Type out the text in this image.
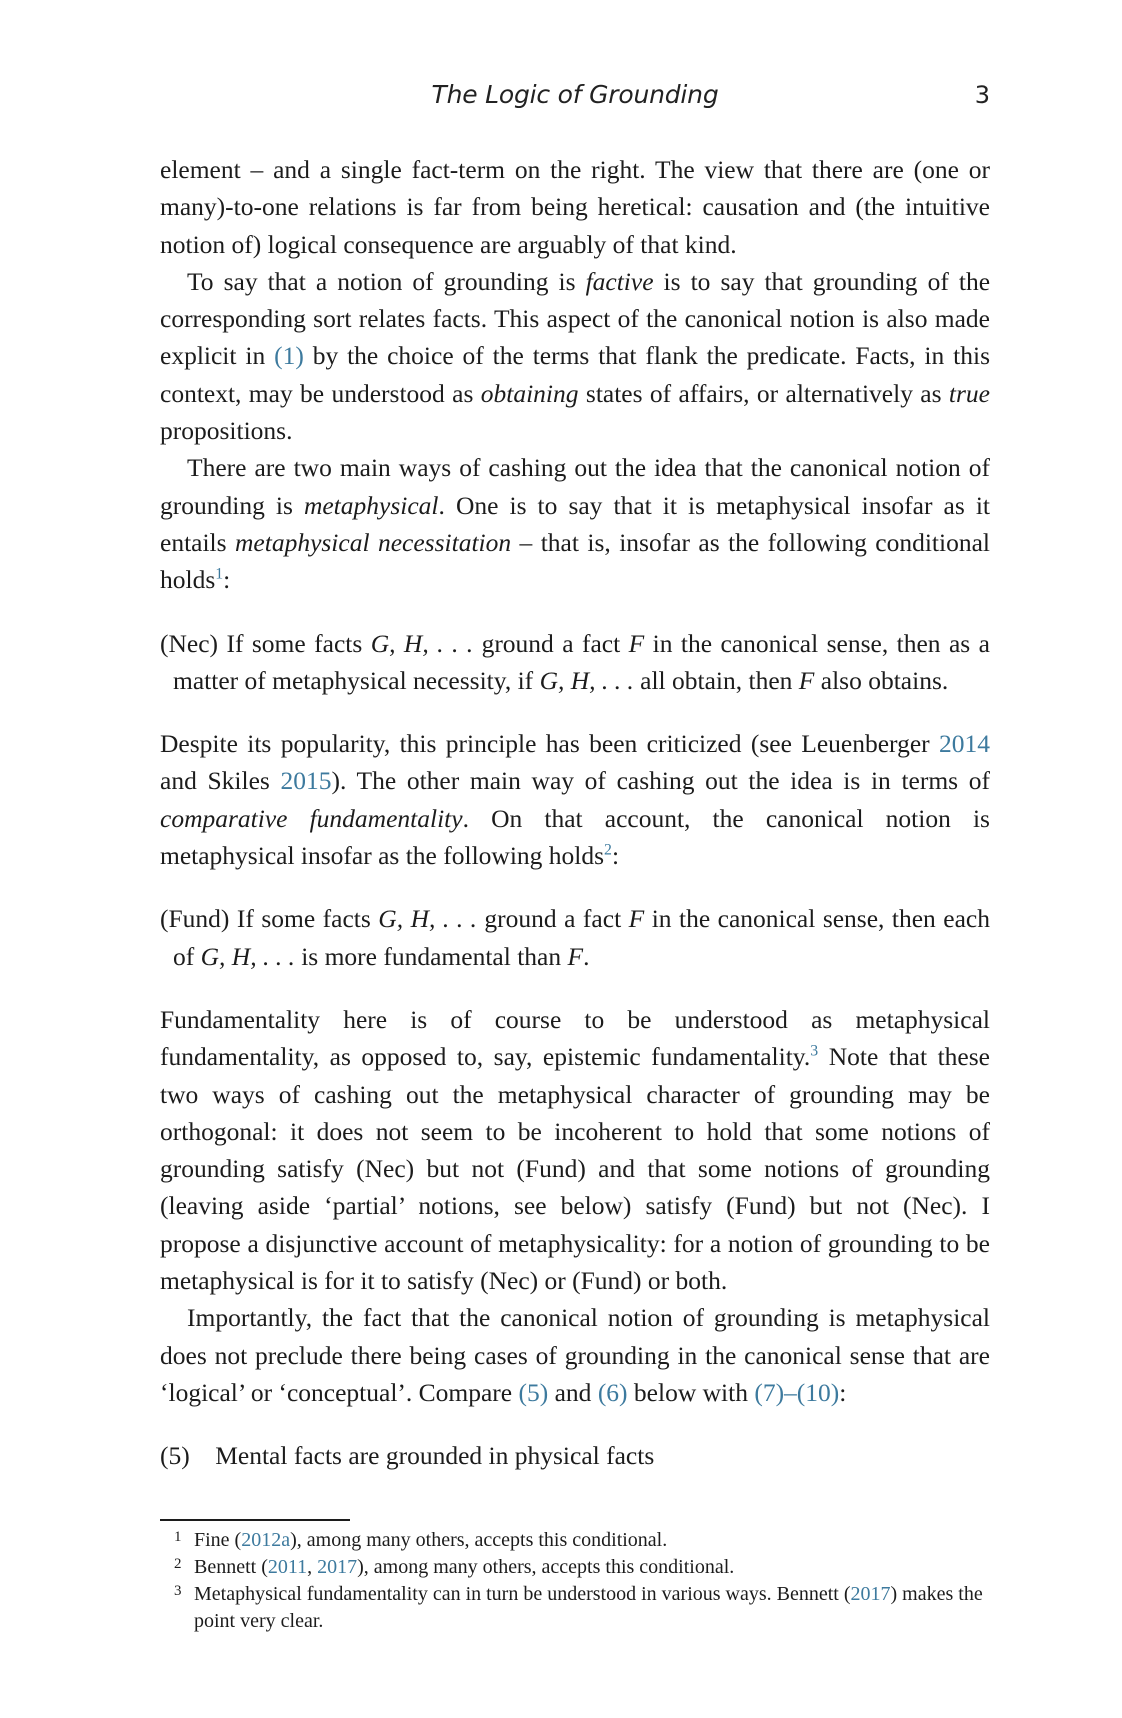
The Logic of Grounding	3

element – and a single fact-term on the right. The view that there are (one or many)-to-one relations is far from being heretical: causation and (the intuitive notion of) logical consequence are arguably of that kind.

To say that a notion of grounding is factive is to say that grounding of the corresponding sort relates facts. This aspect of the canonical notion is also made explicit in (1) by the choice of the terms that flank the predicate. Facts, in this context, may be understood as obtaining states of affairs, or alternatively as true propositions.

There are two main ways of cashing out the idea that the canonical notion of grounding is metaphysical. One is to say that it is metaphysical insofar as it entails metaphysical necessitation – that is, insofar as the following conditional holds$^1$:

(Nec) If some facts G, H, . . . ground a fact F in the canonical sense, then as a matter of metaphysical necessity, if G, H, . . . all obtain, then F also obtains.

Despite its popularity, this principle has been criticized (see Leuenberger 2014 and Skiles 2015). The other main way of cashing out the idea is in terms of comparative fundamentality. On that account, the canonical notion is metaphysical insofar as the following holds$^2$:

(Fund) If some facts G, H, . . . ground a fact F in the canonical sense, then each of G, H, . . . is more fundamental than F.

Fundamentality here is of course to be understood as metaphysical fundamentality, as opposed to, say, epistemic fundamentality.$^3$ Note that these two ways of cashing out the metaphysical character of grounding may be orthogonal: it does not seem to be incoherent to hold that some notions of grounding satisfy (Nec) but not (Fund) and that some notions of grounding (leaving aside ‘partial’ notions, see below) satisfy (Fund) but not (Nec). I propose a disjunctive account of metaphysicality: for a notion of grounding to be metaphysical is for it to satisfy (Nec) or (Fund) or both.

Importantly, the fact that the canonical notion of grounding is metaphysical does not preclude there being cases of grounding in the canonical sense that are ‘logical’ or ‘conceptual’. Compare (5) and (6) below with (7)–(10):

(5) Mental facts are grounded in physical facts

1 Fine (2012a), among many others, accepts this conditional.
2 Bennett (2011, 2017), among many others, accepts this conditional.
3 Metaphysical fundamentality can in turn be understood in various ways. Bennett (2017) makes the point very clear.
